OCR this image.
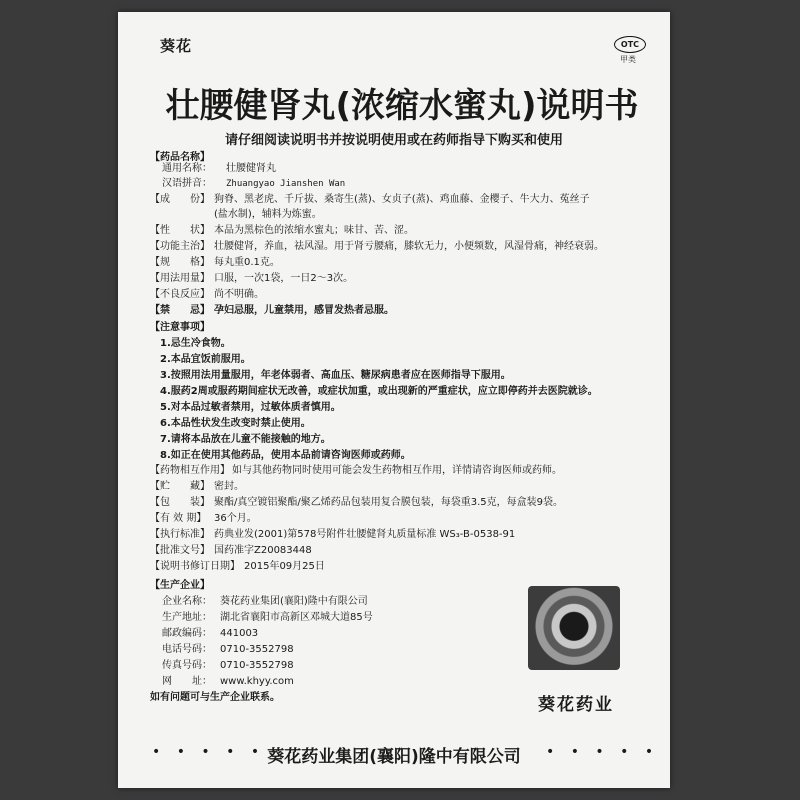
葵花	OTC
甲类
壮腰健肾丸(浓缩水蜜丸)说明书
请仔细阅读说明书并按说明使用或在药师指导下购买和使用
【药品名称】
通用名称： 壮腰健肾丸
汉语拼音： Zhuangyao Jianshen Wan
【成　　份】 狗脊、黑老虎、千斤拔、桑寄生(蒸)、女贞子(蒸)、鸡血藤、金樱子、牛大力、菟丝子
(盐水制)，辅料为炼蜜。
【性　　状】 本品为黑棕色的浓缩水蜜丸；味甘、苦、涩。
【功能主治】 壮腰健肾，养血，祛风湿。用于肾亏腰痛，膝软无力，小便频数，风湿骨痛，神经衰弱。
【规　　格】 每丸重0.1克。
【用法用量】 口服，一次1袋，一日2～3次。
【不良反应】 尚不明确。
【禁　　忌】 孕妇忌服，儿童禁用，感冒发热者忌服。
【注意事项】
1.忌生冷食物。
2.本品宜饭前服用。
3.按照用法用量服用，年老体弱者、高血压、糖尿病患者应在医师指导下服用。
4.服药2周或服药期间症状无改善，或症状加重，或出现新的严重症状，应立即停药并去医院就诊。
5.对本品过敏者禁用，过敏体质者慎用。
6.本品性状发生改变时禁止使用。
7.请将本品放在儿童不能接触的地方。
8.如正在使用其他药品，使用本品前请咨询医师或药师。
【药物相互作用】 如与其他药物同时使用可能会发生药物相互作用，详情请咨询医师或药师。
【贮　　藏】 密封。
【包　　装】 聚酯/真空镀铝聚酯/聚乙烯药品包装用复合膜包装，每袋重3.5克，每盒装9袋。
【有 效 期】 36个月。
【执行标准】 药典业发(2001)第578号附件壮腰健肾丸质量标准 WS₃-B-0538-91
【批准文号】 国药准字Z20083448
【说明书修订日期】 2015年09月25日
【生产企业】
企业名称： 葵花药业集团(襄阳)隆中有限公司
生产地址： 湖北省襄阳市高新区邓城大道85号
邮政编码： 441003
电话号码： 0710-3552798
传真号码： 0710-3552798
网　　址： www.khyy.com
如有问题可与生产企业联系。	葵花药业
• • • • • 葵花药业集团(襄阳)隆中有限公司	• • • • •
